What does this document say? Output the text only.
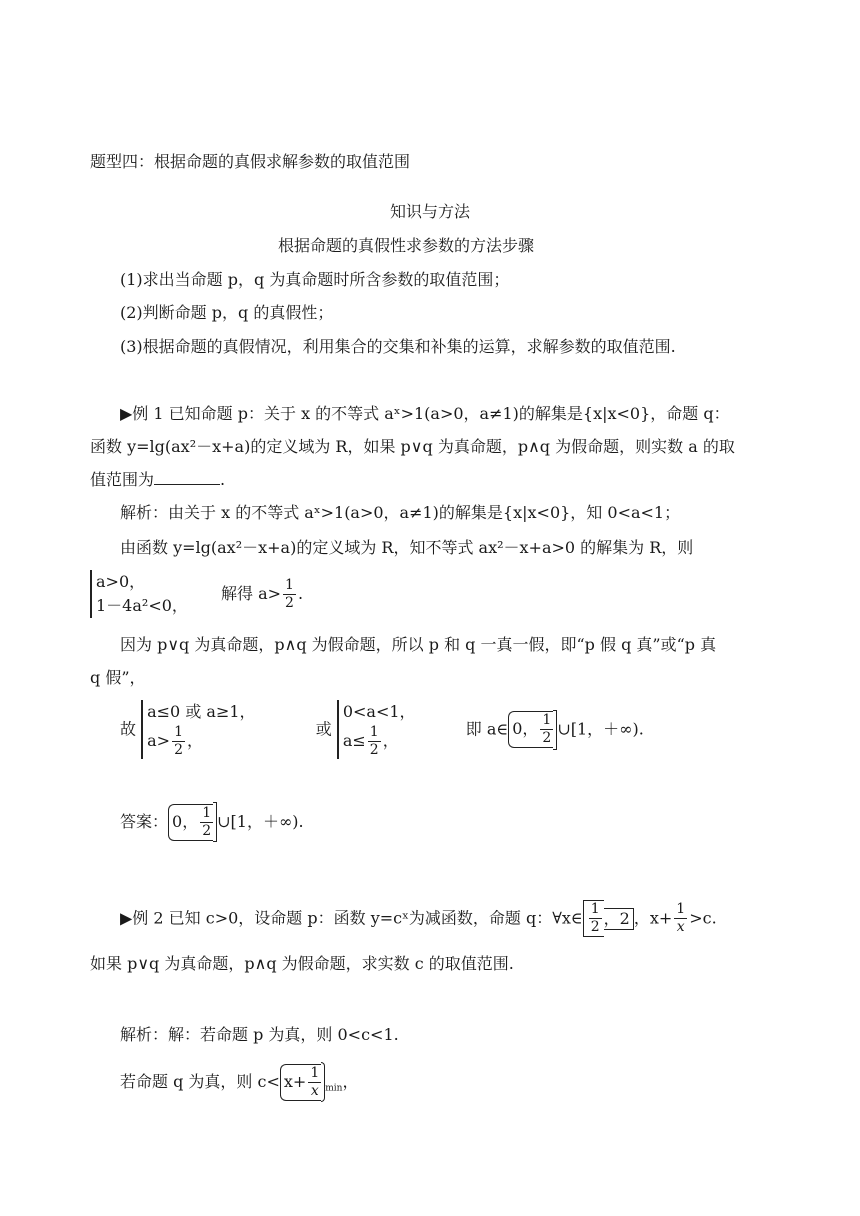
题型四：根据命题的真假求解参数的取值范围
知识与方法
根据命题的真假性求参数的方法步骤
(1)求出当命题 p，q 为真命题时所含参数的取值范围；
(2)判断命题 p，q 的真假性；
(3)根据命题的真假情况，利用集合的交集和补集的运算，求解参数的取值范围.
▶例 1 已知命题 p：关于 x 的不等式 aˣ>1(a>0，a≠1)的解集是{x|x<0}，命题 q：
函数 y=lg(ax²－x+a)的定义域为 R，如果 p∨q 为真命题，p∧q 为假命题，则实数 a 的取
值范围为	.
解析：由关于 x 的不等式 aˣ>1(a>0，a≠1)的解集是{x|x<0}，知 0<a<1；
由函数 y=lg(ax²－x+a)的定义域为 R，知不等式 ax²－x+a>0 的解集为 R，则
a>0，
1－4a²<0，
解得 $a> \frac{1}{2}$ .
因为 p∨q 为真命题，p∧q 为假命题，所以 p 和 q 一真一假，即“p 假 q 真”或“p 真
q 假”，
故
a≤0 或 a≥1，
$a> \frac{1}{2}$ ，
或
0<a<1，
$a\le \frac{1}{2}$ ，
即 a∈ 0， $\frac{1}{2}$ ∪[1，＋∞).
答案： 0， $\frac{1}{2}$ ∪[1，＋∞).
▶例 2 已知 c>0，设命题 p：函数 y=cˣ为减函数，命题 q：∀x∈ $\frac{1}{2}$ ，2 ，$x+ \frac{1}{x} >c$.
如果 p∨q 为真命题，p∧q 为假命题，求实数 c 的取值范围.
解析：解：若命题 p 为真，则 0<c<1.
若命题 q 为真，则 $c< x+ \frac{1}{x} _{min}$，
